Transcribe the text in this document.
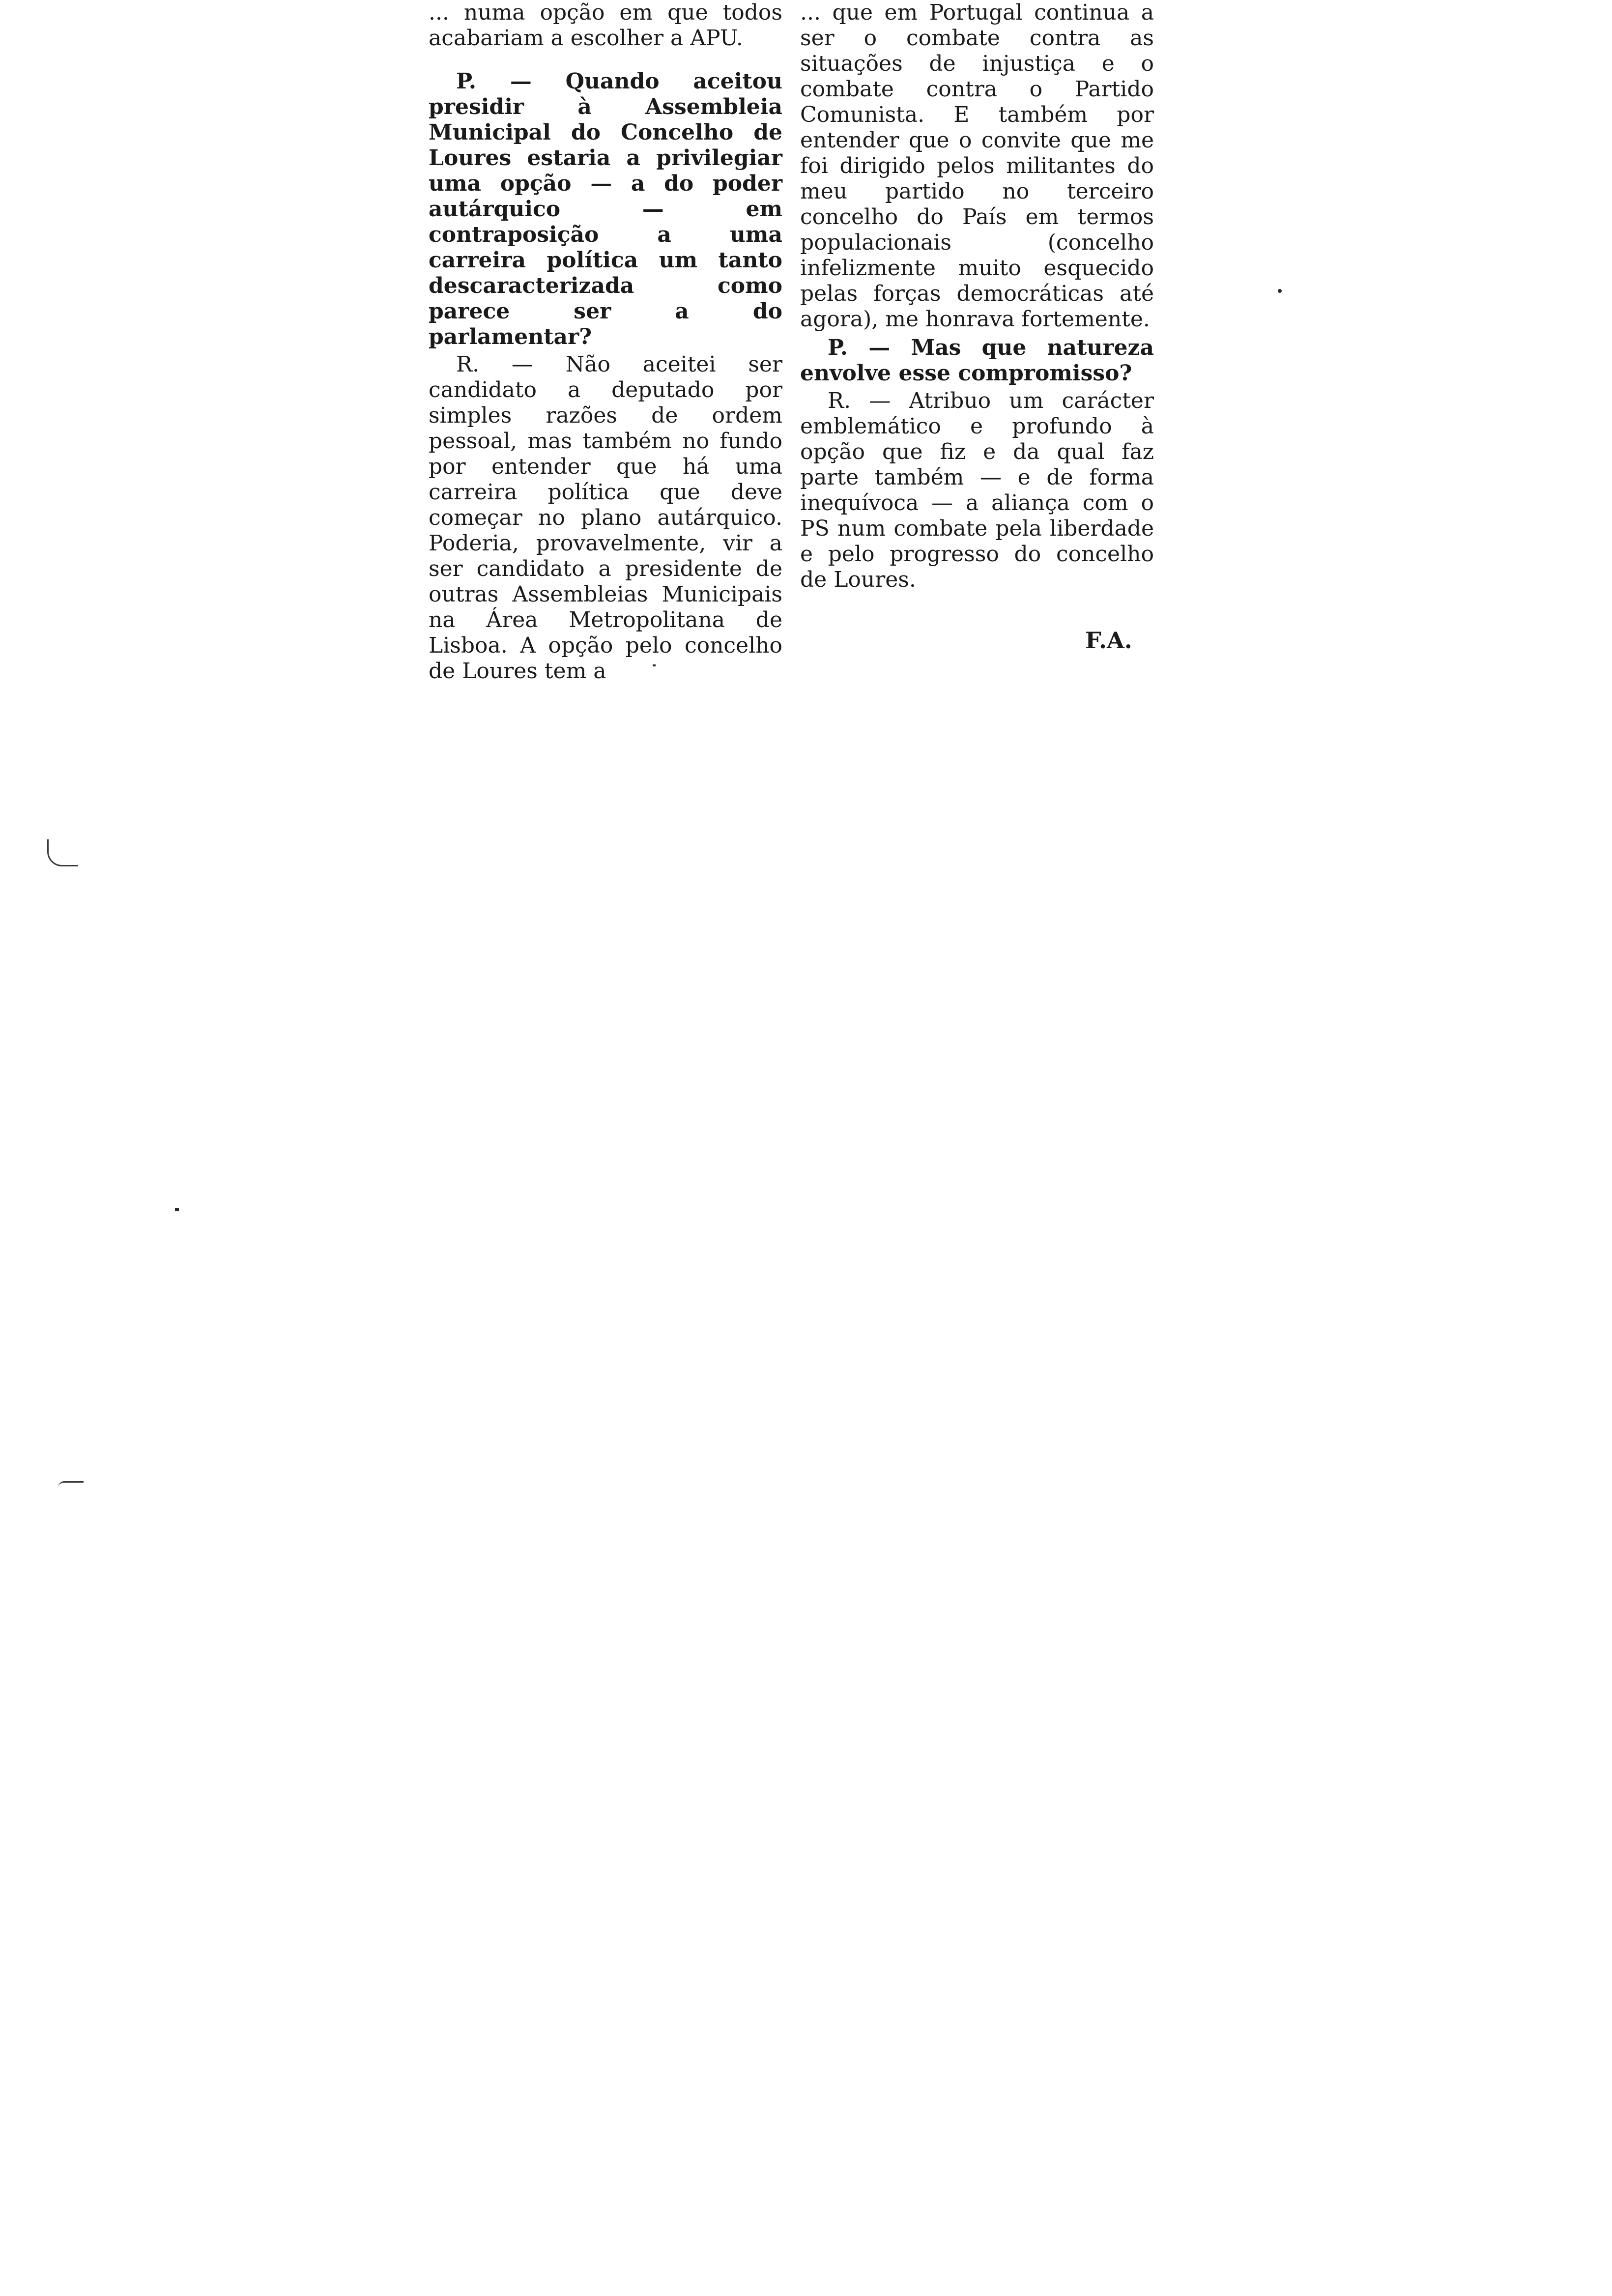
... numa opção em que todos acabariam a escolher a APU.

P. — Quando aceitou presidir à Assembleia Municipal do Concelho de Loures estaria a privilegiar uma opção — a do poder autárquico — em contraposição a uma carreira política um tanto descaracterizada como parece ser a do parlamentar?

R. — Não aceitei ser candidato a deputado por simples razões de ordem pessoal, mas também no fundo por entender que há uma carreira política que deve começar no plano autárquico. Poderia, provavelmente, vir a ser candidato a presidente de outras Assembleias Municipais na Área Metropolitana de Lisboa. A opção pelo concelho de Loures tem a

... que em Portugal continua a ser o combate contra as situações de injustiça e o combate contra o Partido Comunista. E também por entender que o convite que me foi dirigido pelos militantes do meu partido no terceiro concelho do País em termos populacionais (concelho infelizmente muito esquecido pelas forças democráticas até agora), me honrava fortemente.

P. — Mas que natureza envolve esse compromisso?

R. — Atribuo um carácter emblemático e profundo à opção que fiz e da qual faz parte também — e de forma inequívoca — a aliança com o PS num combate pela liberdade e pelo progresso do concelho de Loures.

F.A.
